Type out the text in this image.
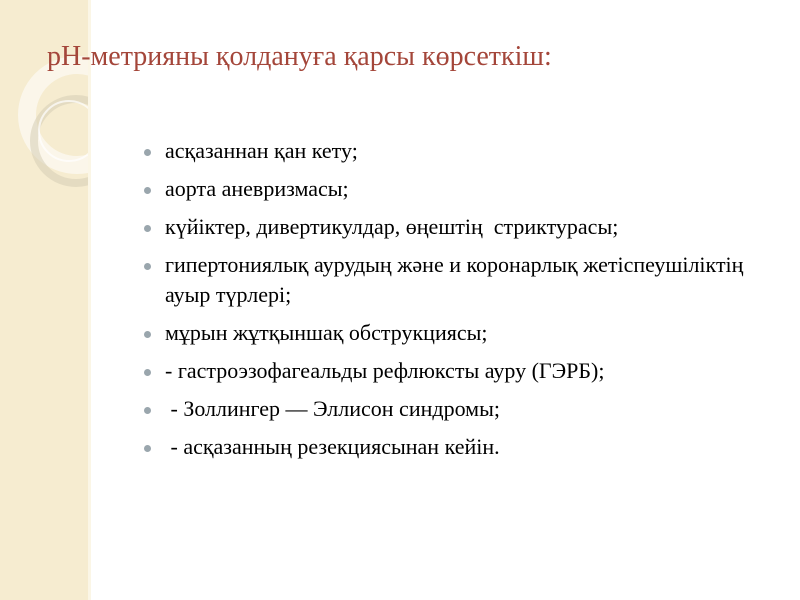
pH-метрияны қолдануға қарсы көрсеткіш:
асқазаннан қан кету;
аорта аневризмасы;
күйіктер, дивертикулдар, өңештің  стриктурасы;
гипертониялық аурудың және и коронарлық жетіспеушіліктің ауыр түрлері;
мұрын жұтқыншақ обструкциясы;
- гастроэзофагеальды рефлюксты ауру (ГЭРБ);
- Золлингер — Эллисон синдромы;
- асқазанның резекциясынан кейін.
